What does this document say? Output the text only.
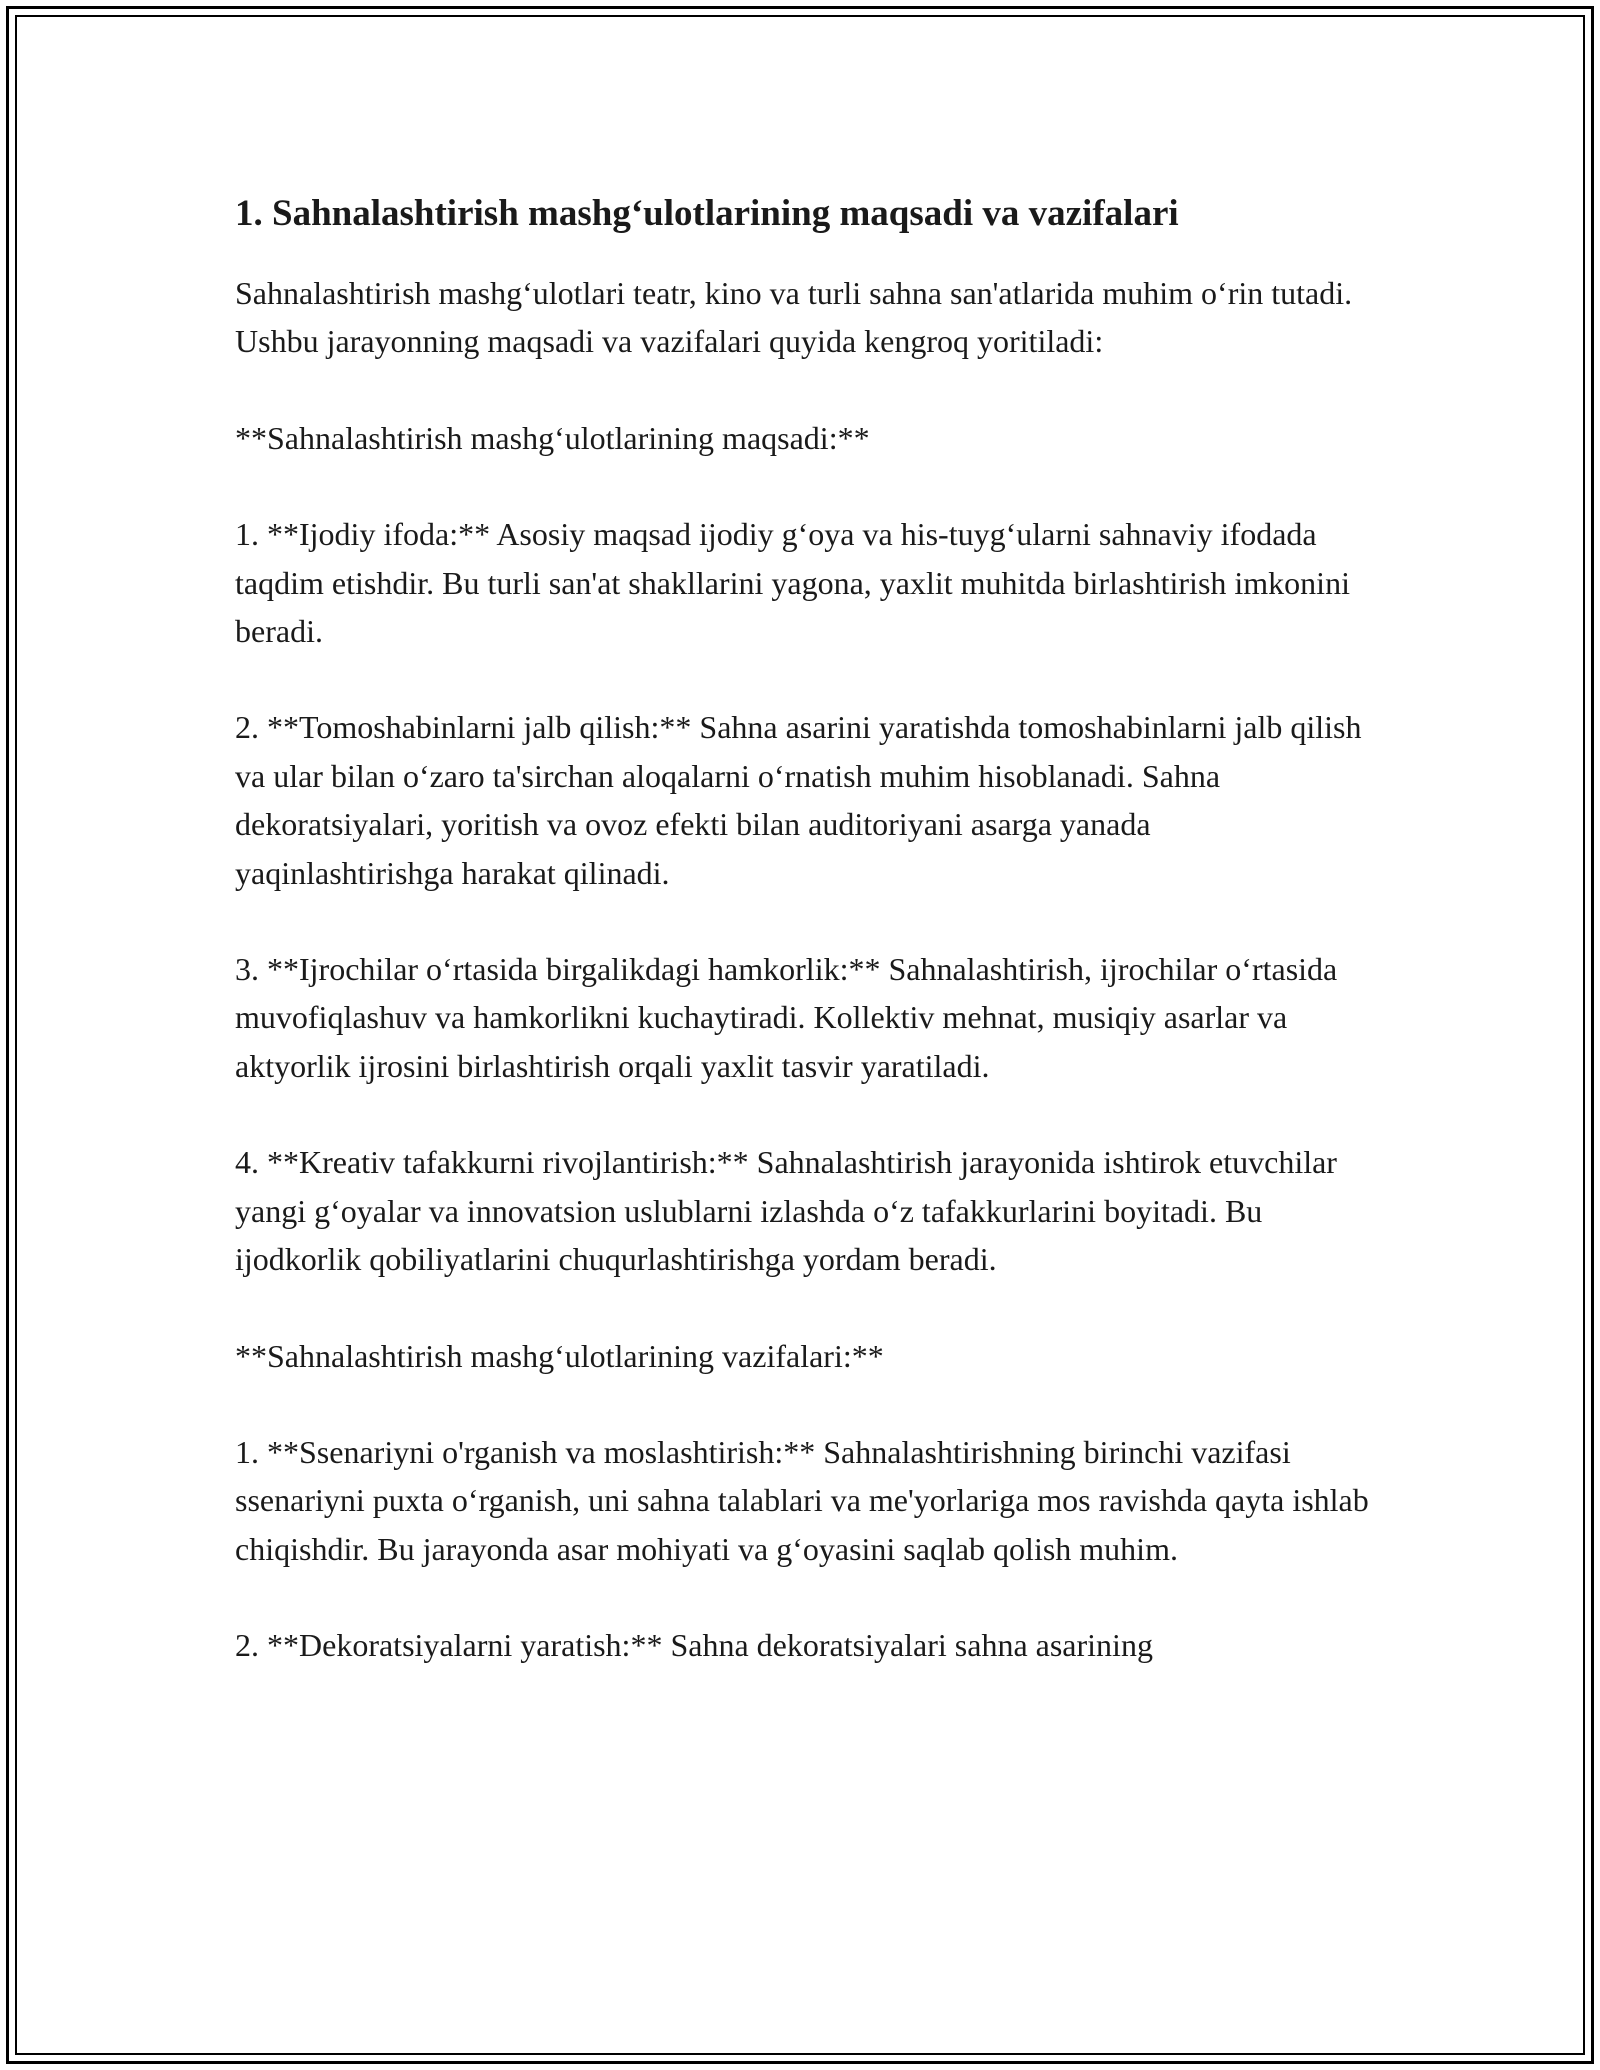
1. Sahnalashtirish mashg‘ulotlarining maqsadi va vazifalari

Sahnalashtirish mashg‘ulotlari teatr, kino va turli sahna san'atlarida muhim o‘rin tutadi. Ushbu jarayonning maqsadi va vazifalari quyida kengroq yoritiladi:

**Sahnalashtirish mashg‘ulotlarining maqsadi:**

1. **Ijodiy ifoda:** Asosiy maqsad ijodiy g‘oya va his-tuyg‘ularni sahnaviy ifodada taqdim etishdir. Bu turli san'at shakllarini yagona, yaxlit muhitda birlashtirish imkonini beradi.

2. **Tomoshabinlarni jalb qilish:** Sahna asarini yaratishda tomoshabinlarni jalb qilish va ular bilan o‘zaro ta'sirchan aloqalarni o‘rnatish muhim hisoblanadi. Sahna dekoratsiyalari, yoritish va ovoz efekti bilan auditoriyani asarga yanada yaqinlashtirishga harakat qilinadi.

3. **Ijrochilar o‘rtasida birgalikdagi hamkorlik:** Sahnalashtirish, ijrochilar o‘rtasida muvofiqlashuv va hamkorlikni kuchaytiradi. Kollektiv mehnat, musiqiy asarlar va aktyorlik ijrosini birlashtirish orqali yaxlit tasvir yaratiladi.

4. **Kreativ tafakkurni rivojlantirish:** Sahnalashtirish jarayonida ishtirok etuvchilar yangi g‘oyalar va innovatsion uslublarni izlashda o‘z tafakkurlarini boyitadi. Bu ijodkorlik qobiliyatlarini chuqurlashtirishga yordam beradi.

**Sahnalashtirish mashg‘ulotlarining vazifalari:**

1. **Ssenariyni o'rganish va moslashtirish:** Sahnalashtirishning birinchi vazifasi ssenariyni puxta o‘rganish, uni sahna talablari va me'yorlariga mos ravishda qayta ishlab chiqishdir. Bu jarayonda asar mohiyati va g‘oyasini saqlab qolish muhim.

2. **Dekoratsiyalarni yaratish:** Sahna dekoratsiyalari sahna asarining
